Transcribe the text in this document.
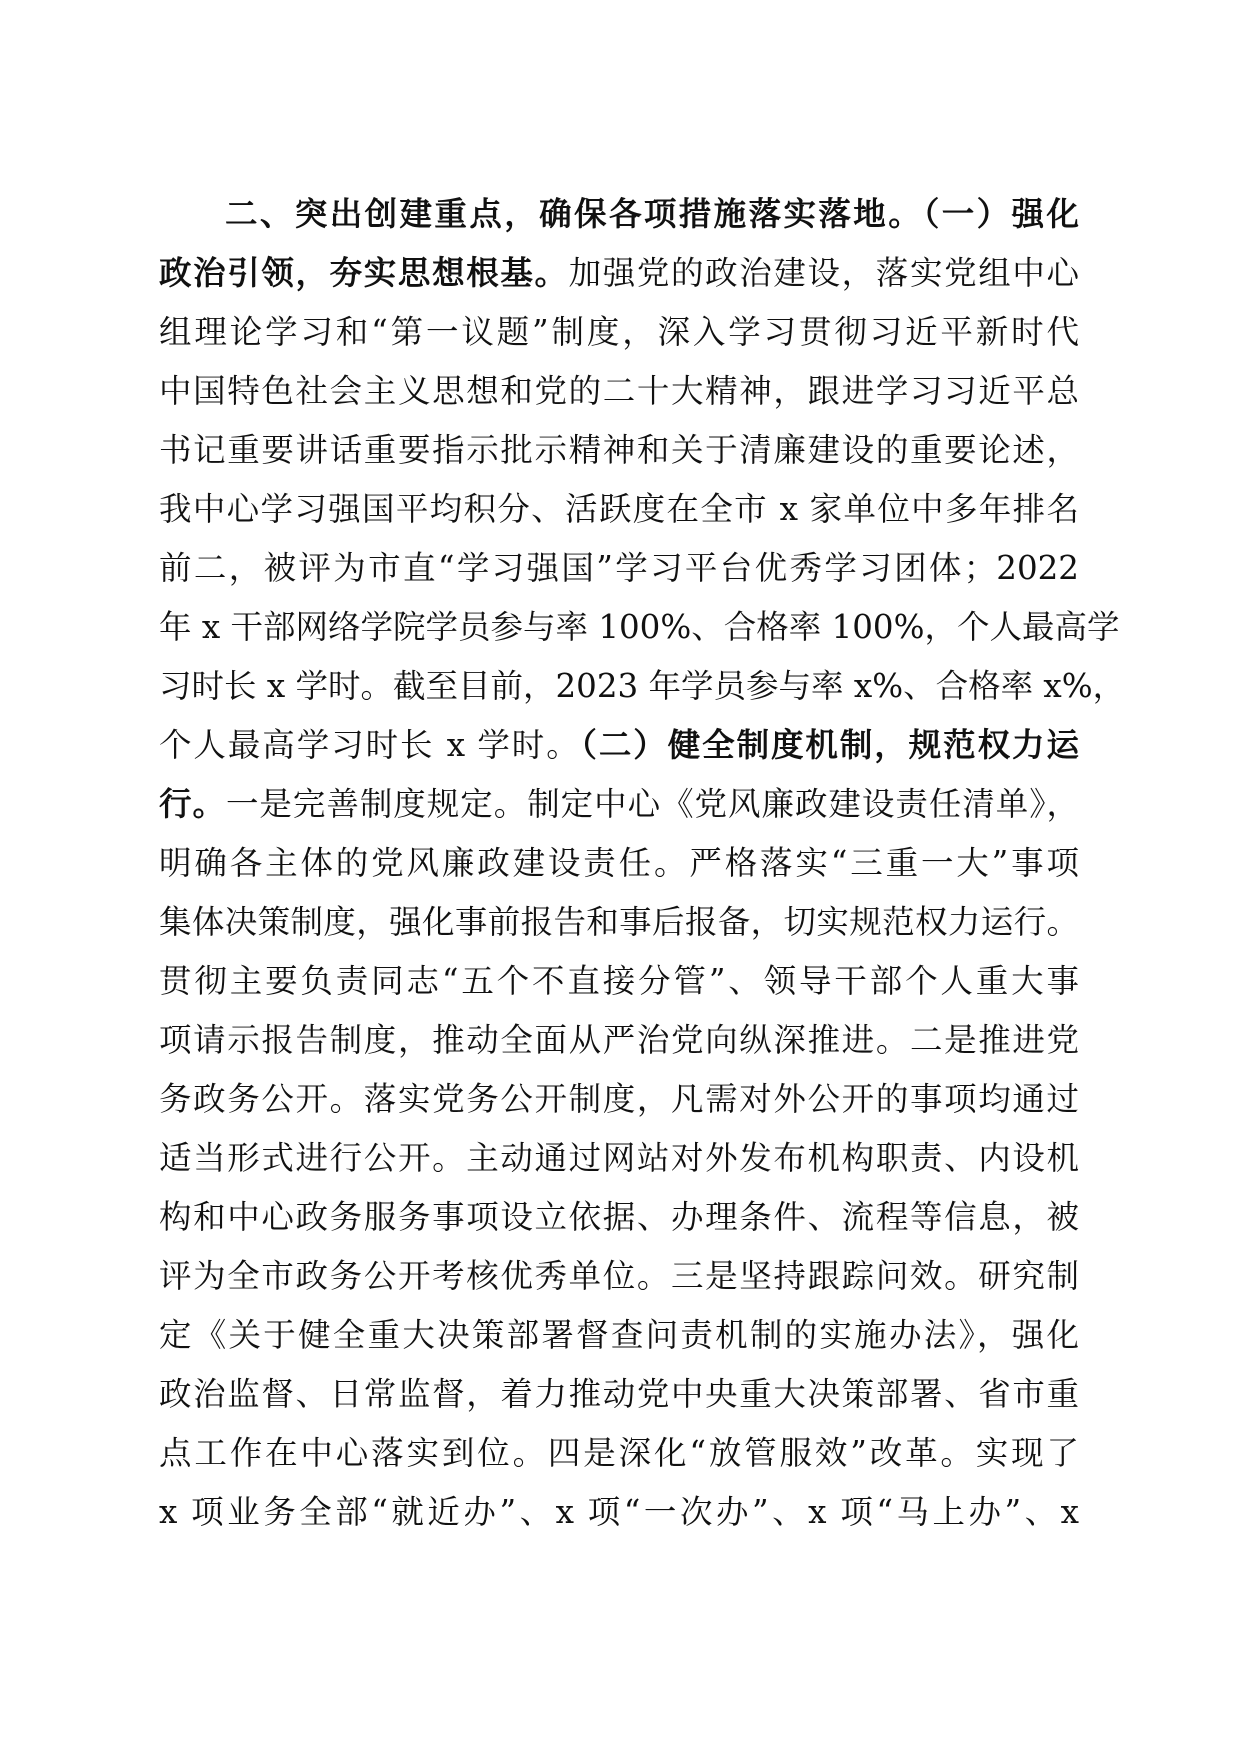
二、突出创建重点，确保各项措施落实落地。（一）强化
政治引领，夯实思想根基。加强党的政治建设，落实党组中心
组理论学习和“第一议题”制度，深入学习贯彻习近平新时代
中国特色社会主义思想和党的二十大精神，跟进学习习近平总
书记重要讲话重要指示批示精神和关于清廉建设的重要论述，
我中心学习强国平均积分、活跃度在全市 x 家单位中多年排名
前二，被评为市直“学习强国”学习平台优秀学习团体；2022
年 x 干部网络学院学员参与率 100%、合格率 100%，个人最高学
习时长 x 学时。截至目前，2023 年学员参与率 x%、合格率 x%，
个人最高学习时长 x 学时。（二）健全制度机制，规范权力运
行。一是完善制度规定。制定中心《党风廉政建设责任清单》，
明确各主体的党风廉政建设责任。严格落实“三重一大”事项
集体决策制度，强化事前报告和事后报备，切实规范权力运行。
贯彻主要负责同志“五个不直接分管”、领导干部个人重大事
项请示报告制度，推动全面从严治党向纵深推进。二是推进党
务政务公开。落实党务公开制度，凡需对外公开的事项均通过
适当形式进行公开。主动通过网站对外发布机构职责、内设机
构和中心政务服务事项设立依据、办理条件、流程等信息，被
评为全市政务公开考核优秀单位。三是坚持跟踪问效。研究制
定《关于健全重大决策部署督查问责机制的实施办法》，强化
政治监督、日常监督，着力推动党中央重大决策部署、省市重
点工作在中心落实到位。四是深化“放管服效”改革。实现了
x 项业务全部“就近办”、x 项“一次办”、x 项“马上办”、x
